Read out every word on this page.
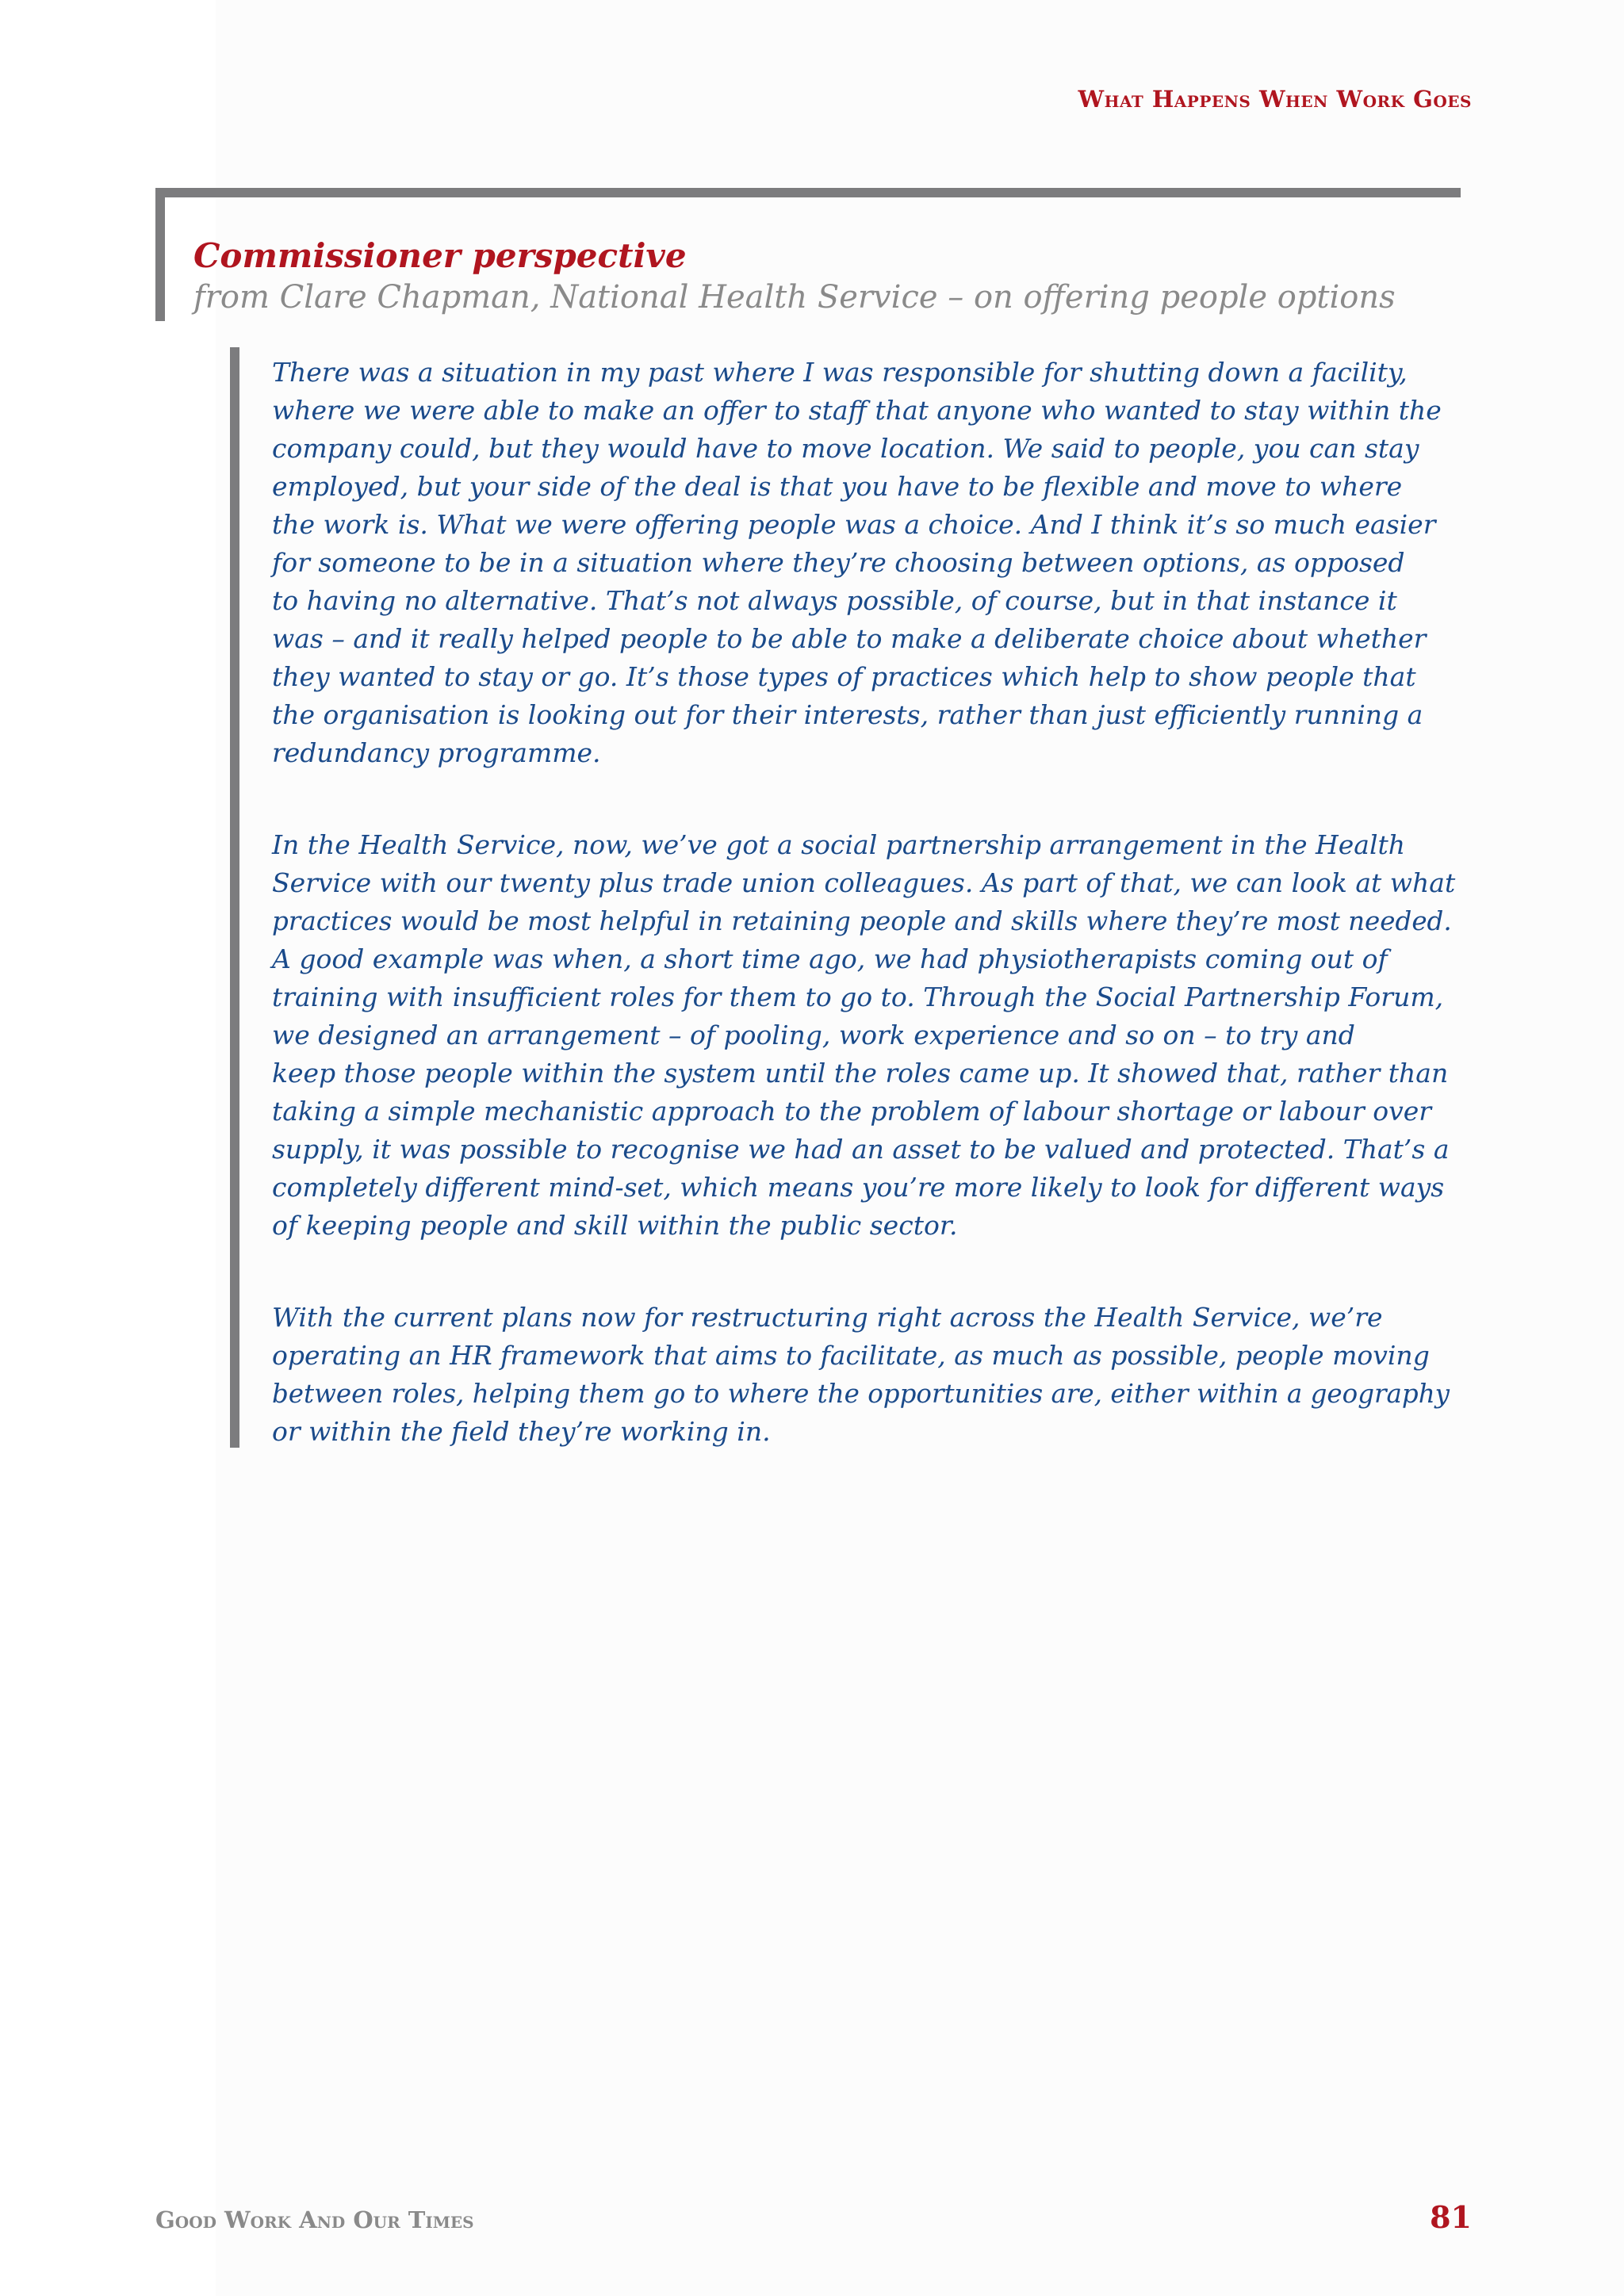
What Happens When Work Goes
Commissioner perspective
from Clare Chapman, National Health Service – on offering people options
There was a situation in my past where I was responsible for shutting down a facility,
where we were able to make an offer to staff that anyone who wanted to stay within the
company could, but they would have to move location. We said to people, you can stay
employed, but your side of the deal is that you have to be flexible and move to where
the work is. What we were offering people was a choice. And I think it’s so much easier
for someone to be in a situation where they’re choosing between options, as opposed
to having no alternative. That’s not always possible, of course, but in that instance it
was – and it really helped people to be able to make a deliberate choice about whether
they wanted to stay or go. It’s those types of practices which help to show people that
the organisation is looking out for their interests, rather than just efficiently running a
redundancy programme.
In the Health Service, now, we’ve got a social partnership arrangement in the Health
Service with our twenty plus trade union colleagues. As part of that, we can look at what
practices would be most helpful in retaining people and skills where they’re most needed.
A good example was when, a short time ago, we had physiotherapists coming out of
training with insufficient roles for them to go to. Through the Social Partnership Forum,
we designed an arrangement – of pooling, work experience and so on – to try and
keep those people within the system until the roles came up. It showed that, rather than
taking a simple mechanistic approach to the problem of labour shortage or labour over
supply, it was possible to recognise we had an asset to be valued and protected. That’s a
completely different mind-set, which means you’re more likely to look for different ways
of keeping people and skill within the public sector.
With the current plans now for restructuring right across the Health Service, we’re
operating an HR framework that aims to facilitate, as much as possible, people moving
between roles, helping them go to where the opportunities are, either within a geography
or within the field they’re working in.
Good Work And Our Times	81
